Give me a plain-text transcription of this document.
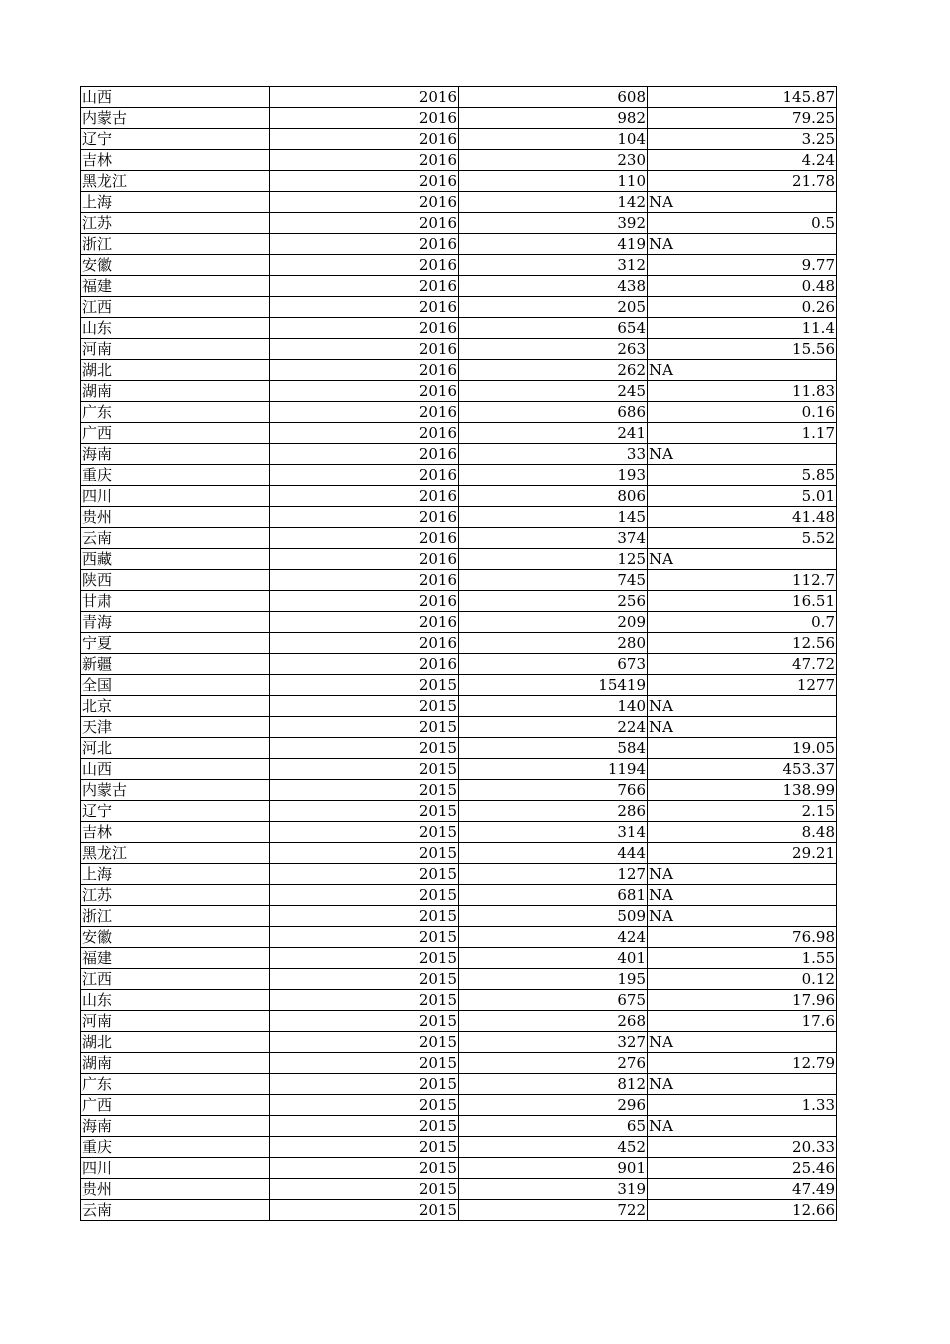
山西	2016	608	145.87
内蒙古	2016	982	79.25
辽宁	2016	104	3.25
吉林	2016	230	4.24
黑龙江	2016	110	21.78
上海	2016	142	NA
江苏	2016	392	0.5
浙江	2016	419	NA
安徽	2016	312	9.77
福建	2016	438	0.48
江西	2016	205	0.26
山东	2016	654	11.4
河南	2016	263	15.56
湖北	2016	262	NA
湖南	2016	245	11.83
广东	2016	686	0.16
广西	2016	241	1.17
海南	2016	33	NA
重庆	2016	193	5.85
四川	2016	806	5.01
贵州	2016	145	41.48
云南	2016	374	5.52
西藏	2016	125	NA
陕西	2016	745	112.7
甘肃	2016	256	16.51
青海	2016	209	0.7
宁夏	2016	280	12.56
新疆	2016	673	47.72
全国	2015	15419	1277
北京	2015	140	NA
天津	2015	224	NA
河北	2015	584	19.05
山西	2015	1194	453.37
内蒙古	2015	766	138.99
辽宁	2015	286	2.15
吉林	2015	314	8.48
黑龙江	2015	444	29.21
上海	2015	127	NA
江苏	2015	681	NA
浙江	2015	509	NA
安徽	2015	424	76.98
福建	2015	401	1.55
江西	2015	195	0.12
山东	2015	675	17.96
河南	2015	268	17.6
湖北	2015	327	NA
湖南	2015	276	12.79
广东	2015	812	NA
广西	2015	296	1.33
海南	2015	65	NA
重庆	2015	452	20.33
四川	2015	901	25.46
贵州	2015	319	47.49
云南	2015	722	12.66
